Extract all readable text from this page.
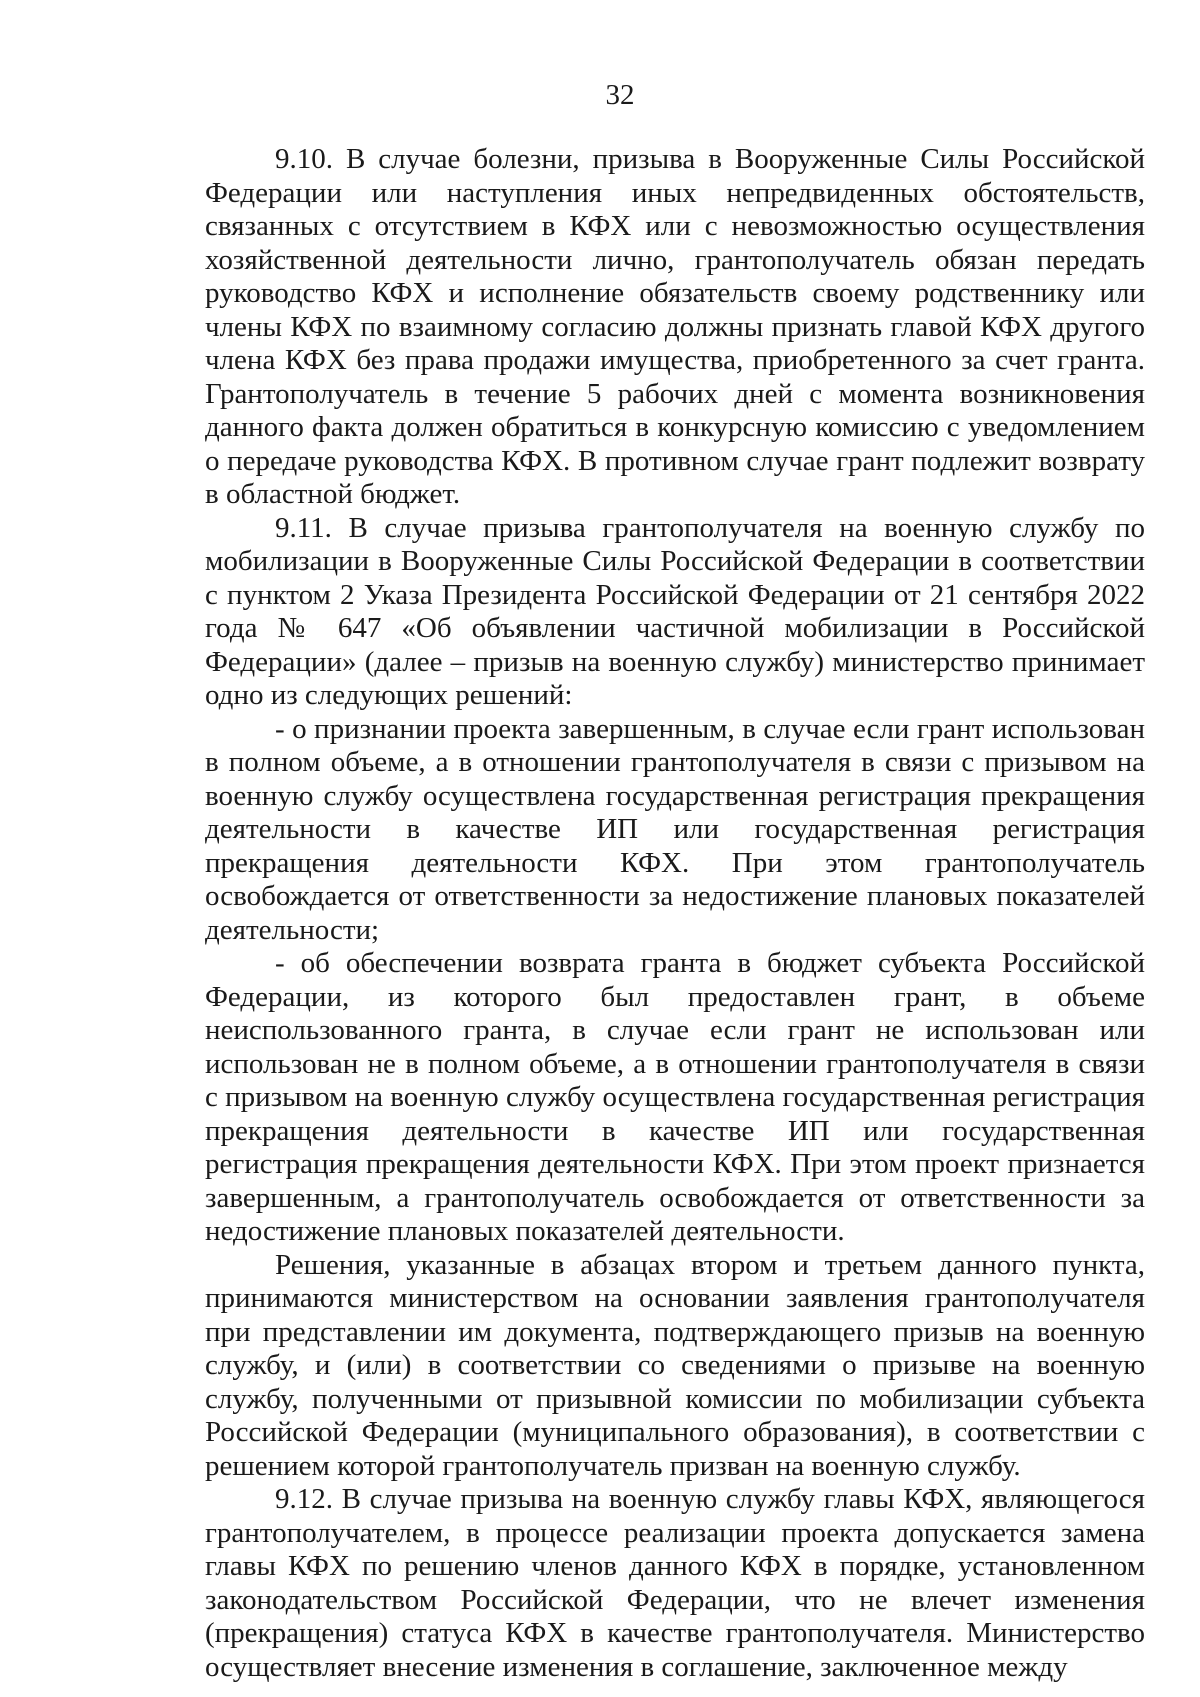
32

9.10. В случае болезни, призыва в Вооруженные Силы Российской Федерации или наступления иных непредвиденных обстоятельств, связанных с отсутствием в КФХ или с невозможностью осуществления хозяйственной деятельности лично, грантополучатель обязан передать руководство КФХ и исполнение обязательств своему родственнику или члены КФХ по взаимному согласию должны признать главой КФХ другого члена КФХ без права продажи имущества, приобретенного за счет гранта. Грантополучатель в течение 5 рабочих дней с момента возникновения данного факта должен обратиться в конкурсную комиссию с уведомлением о передаче руководства КФХ. В противном случае грант подлежит возврату в областной бюджет.

9.11. В случае призыва грантополучателя на военную службу по мобилизации в Вооруженные Силы Российской Федерации в соответствии с пунктом 2 Указа Президента Российской Федерации от 21 сентября 2022 года № 647 «Об объявлении частичной мобилизации в Российской Федерации» (далее – призыв на военную службу) министерство принимает одно из следующих решений:

- о признании проекта завершенным, в случае если грант использован в полном объеме, а в отношении грантополучателя в связи с призывом на военную службу осуществлена государственная регистрация прекращения деятельности в качестве ИП или государственная регистрация прекращения деятельности КФХ. При этом грантополучатель освобождается от ответственности за недостижение плановых показателей деятельности;

- об обеспечении возврата гранта в бюджет субъекта Российской Федерации, из которого был предоставлен грант, в объеме неиспользованного гранта, в случае если грант не использован или использован не в полном объеме, а в отношении грантополучателя в связи с призывом на военную службу осуществлена государственная регистрация прекращения деятельности в качестве ИП или государственная регистрация прекращения деятельности КФХ. При этом проект признается завершенным, а грантополучатель освобождается от ответственности за недостижение плановых показателей деятельности.

Решения, указанные в абзацах втором и третьем данного пункта, принимаются министерством на основании заявления грантополучателя при представлении им документа, подтверждающего призыв на военную службу, и (или) в соответствии со сведениями о призыве на военную службу, полученными от призывной комиссии по мобилизации субъекта Российской Федерации (муниципального образования), в соответствии с решением которой грантополучатель призван на военную службу.

9.12. В случае призыва на военную службу главы КФХ, являющегося грантополучателем, в процессе реализации проекта допускается замена главы КФХ по решению членов данного КФХ в порядке, установленном законодательством Российской Федерации, что не влечет изменения (прекращения) статуса КФХ в качестве грантополучателя. Министерство осуществляет внесение изменения в соглашение, заключенное между
